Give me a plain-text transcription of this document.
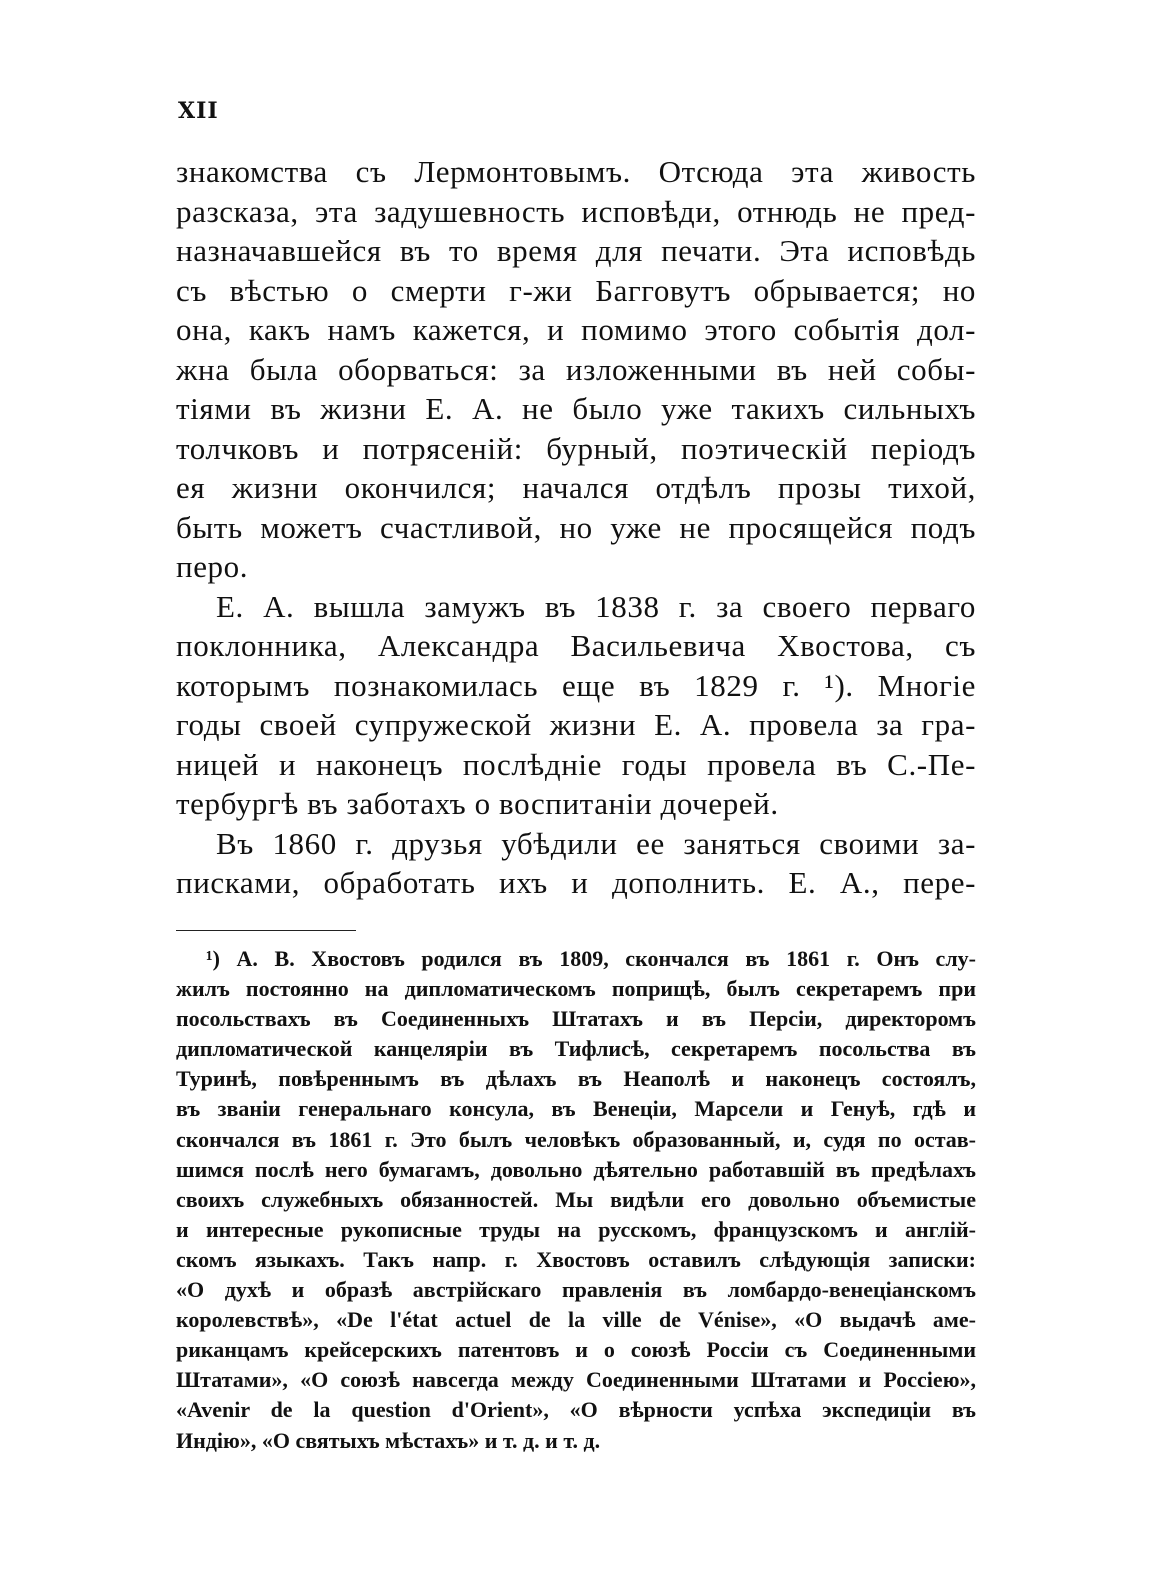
XII
знакомства съ Лермонтовымъ. Отсюда эта живость
разсказа, эта задушевность исповѣди, отнюдь не пред-
назначавшейся въ то время для печати. Эта исповѣдь
съ вѣстью о смерти г-жи Багговутъ обрывается; но
она, какъ намъ кажется, и помимо этого событія дол-
жна была оборваться: за изложенными въ ней собы-
тіями въ жизни Е. А. не было уже такихъ сильныхъ
толчковъ и потрясеній: бурный, поэтическій періодъ
ея жизни окончился; начался отдѣлъ прозы тихой,
быть можетъ счастливой, но уже не просящейся подъ
перо.
Е. А. вышла замужъ въ 1838 г. за своего перваго
поклонника, Александра Васильевича Хвостова, съ
которымъ познакомилась еще въ 1829 г. ¹). Многіе
годы своей супружеской жизни Е. А. провела за гра-
ницей и наконецъ послѣдніе годы провела въ С.-Пе-
тербургѣ въ заботахъ о воспитаніи дочерей.
Въ 1860 г. друзья убѣдили ее заняться своими за-
писками, обработать ихъ и дополнить. Е. А., пере-
¹) А. В. Хвостовъ родился въ 1809, скончался въ 1861 г. Онъ слу-
жилъ постоянно на дипломатическомъ поприщѣ, былъ секретаремъ при
посольствахъ въ Соединенныхъ Штатахъ и въ Персіи, директоромъ
дипломатической канцеляріи въ Тифлисѣ, секретаремъ посольства въ
Туринѣ, повѣреннымъ въ дѣлахъ въ Неаполѣ и наконецъ состоялъ,
въ званіи генеральнаго консула, въ Венеціи, Марсели и Генуѣ, гдѣ и
скончался въ 1861 г. Это былъ человѣкъ образованный, и, судя по остав-
шимся послѣ него бумагамъ, довольно дѣятельно работавшій въ предѣлахъ
своихъ служебныхъ обязанностей. Мы видѣли его довольно объемистые
и интересные рукописные труды на русскомъ, французскомъ и англій-
скомъ языкахъ. Такъ напр. г. Хвостовъ оставилъ слѣдующія записки:
«О духѣ и образѣ австрійскаго правленія въ ломбардо-венеціанскомъ
королевствѣ», «De l'état actuel de la ville de Vénise», «О выдачѣ аме-
риканцамъ крейсерскихъ патентовъ и о союзѣ Россіи съ Соединенными
Штатами», «О союзѣ навсегда между Соединенными Штатами и Россіею»,
«Avenir de la question d'Orient», «О вѣрности успѣха экспедиціи въ
Индію», «О святыхъ мѣстахъ» и т. д. и т. д.
